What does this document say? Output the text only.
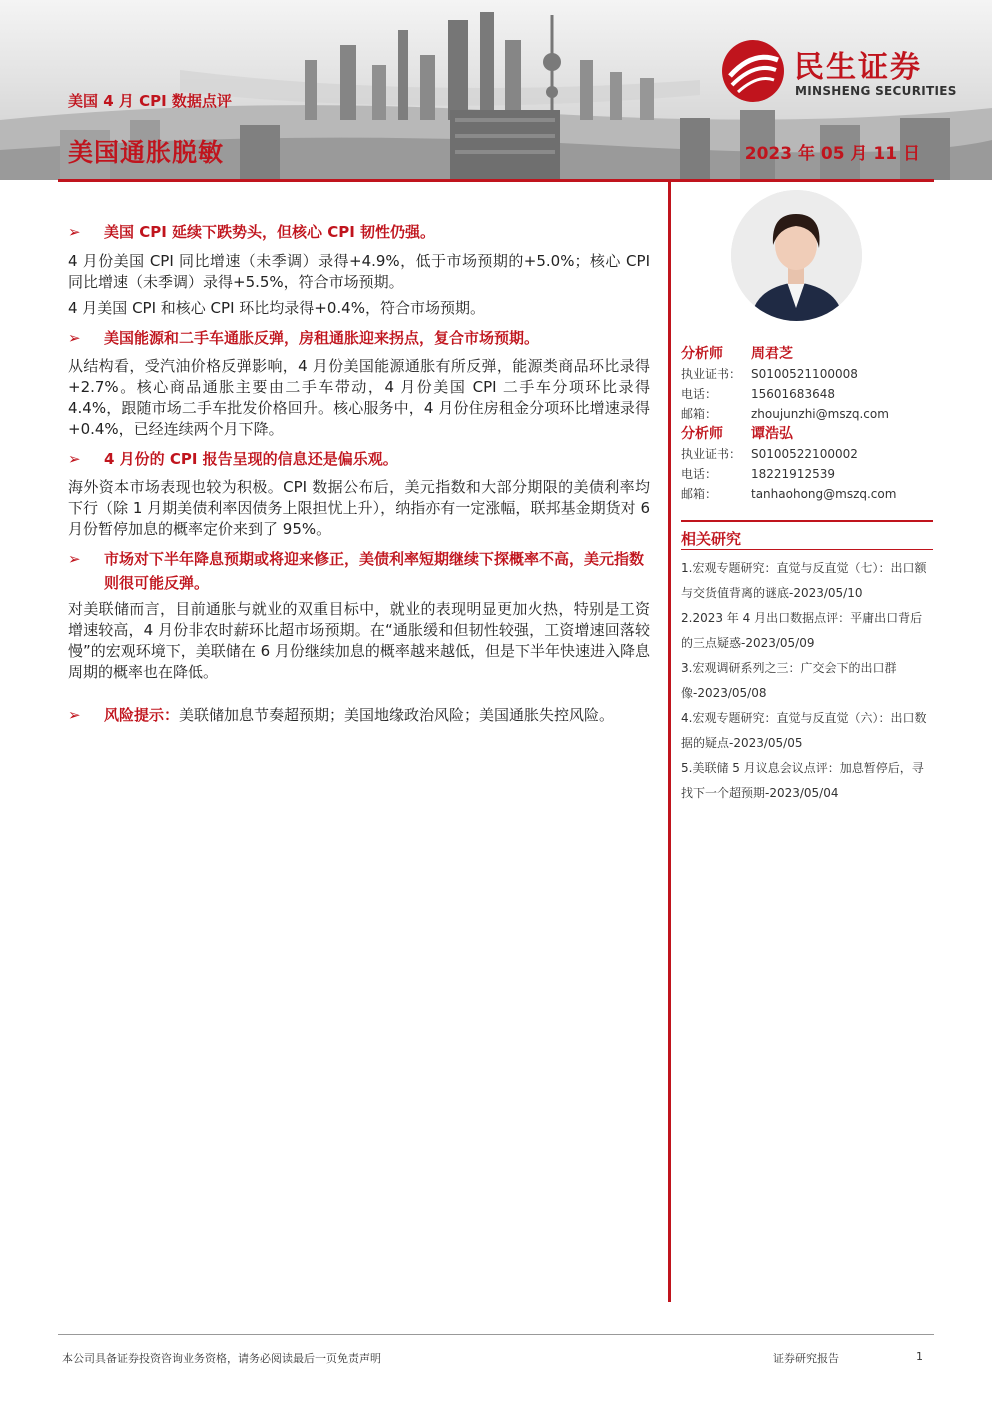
美国 4 月 CPI 数据点评
美国通胀脱敏	2023 年 05 月 11 日
民生证券
MINSHENG SECURITIES
➢ 美国 CPI 延续下跌势头，但核心 CPI 韧性仍强。
4 月份美国 CPI 同比增速（未季调）录得+4.9%，低于市场预期的+5.0%；核心 CPI 同比增速（未季调）录得+5.5%，符合市场预期。
4 月美国 CPI 和核心 CPI 环比均录得+0.4%，符合市场预期。
➢ 美国能源和二手车通胀反弹，房租通胀迎来拐点，复合市场预期。
从结构看，受汽油价格反弹影响，4 月份美国能源通胀有所反弹，能源类商品环比录得+2.7%。核心商品通胀主要由二手车带动，4 月份美国 CPI 二手车分项环比录得 4.4%，跟随市场二手车批发价格回升。核心服务中，4 月份住房租金分项环比增速录得+0.4%，已经连续两个月下降。
➢ 4 月份的 CPI 报告呈现的信息还是偏乐观。
海外资本市场表现也较为积极。CPI 数据公布后，美元指数和大部分期限的美债利率均下行（除 1 月期美债利率因债务上限担忧上升），纳指亦有一定涨幅，联邦基金期货对 6 月份暂停加息的概率定价来到了 95%。
➢ 市场对下半年降息预期或将迎来修正，美债利率短期继续下探概率不高，美元指数则很可能反弹。
对美联储而言，目前通胀与就业的双重目标中，就业的表现明显更加火热，特别是工资增速较高，4 月份非农时薪环比超市场预期。在“通胀缓和但韧性较强，工资增速回落较慢”的宏观环境下，美联储在 6 月份继续加息的概率越来越低，但是下半年快速进入降息周期的概率也在降低。
➢ 风险提示：美联储加息节奏超预期；美国地缘政治风险；美国通胀失控风险。
分析师 周君芝
执业证书： S0100521100008
电话：	15601683648
邮箱：	zhoujunzhi@mszq.com
分析师 谭浩弘
执业证书： S0100522100002
电话：	18221912539
邮箱：	tanhaohong@mszq.com
相关研究
1.宏观专题研究：直觉与反直觉（七）：出口额与交货值背离的谜底-2023/05/10
2.2023 年 4 月出口数据点评：平庸出口背后的三点疑惑-2023/05/09
3.宏观调研系列之三：广交会下的出口群像-2023/05/08
4.宏观专题研究：直觉与反直觉（六）：出口数据的疑点-2023/05/05
5.美联储 5 月议息会议点评：加息暂停后，寻找下一个超预期-2023/05/04
本公司具备证券投资咨询业务资格，请务必阅读最后一页免责声明	证券研究报告	1
